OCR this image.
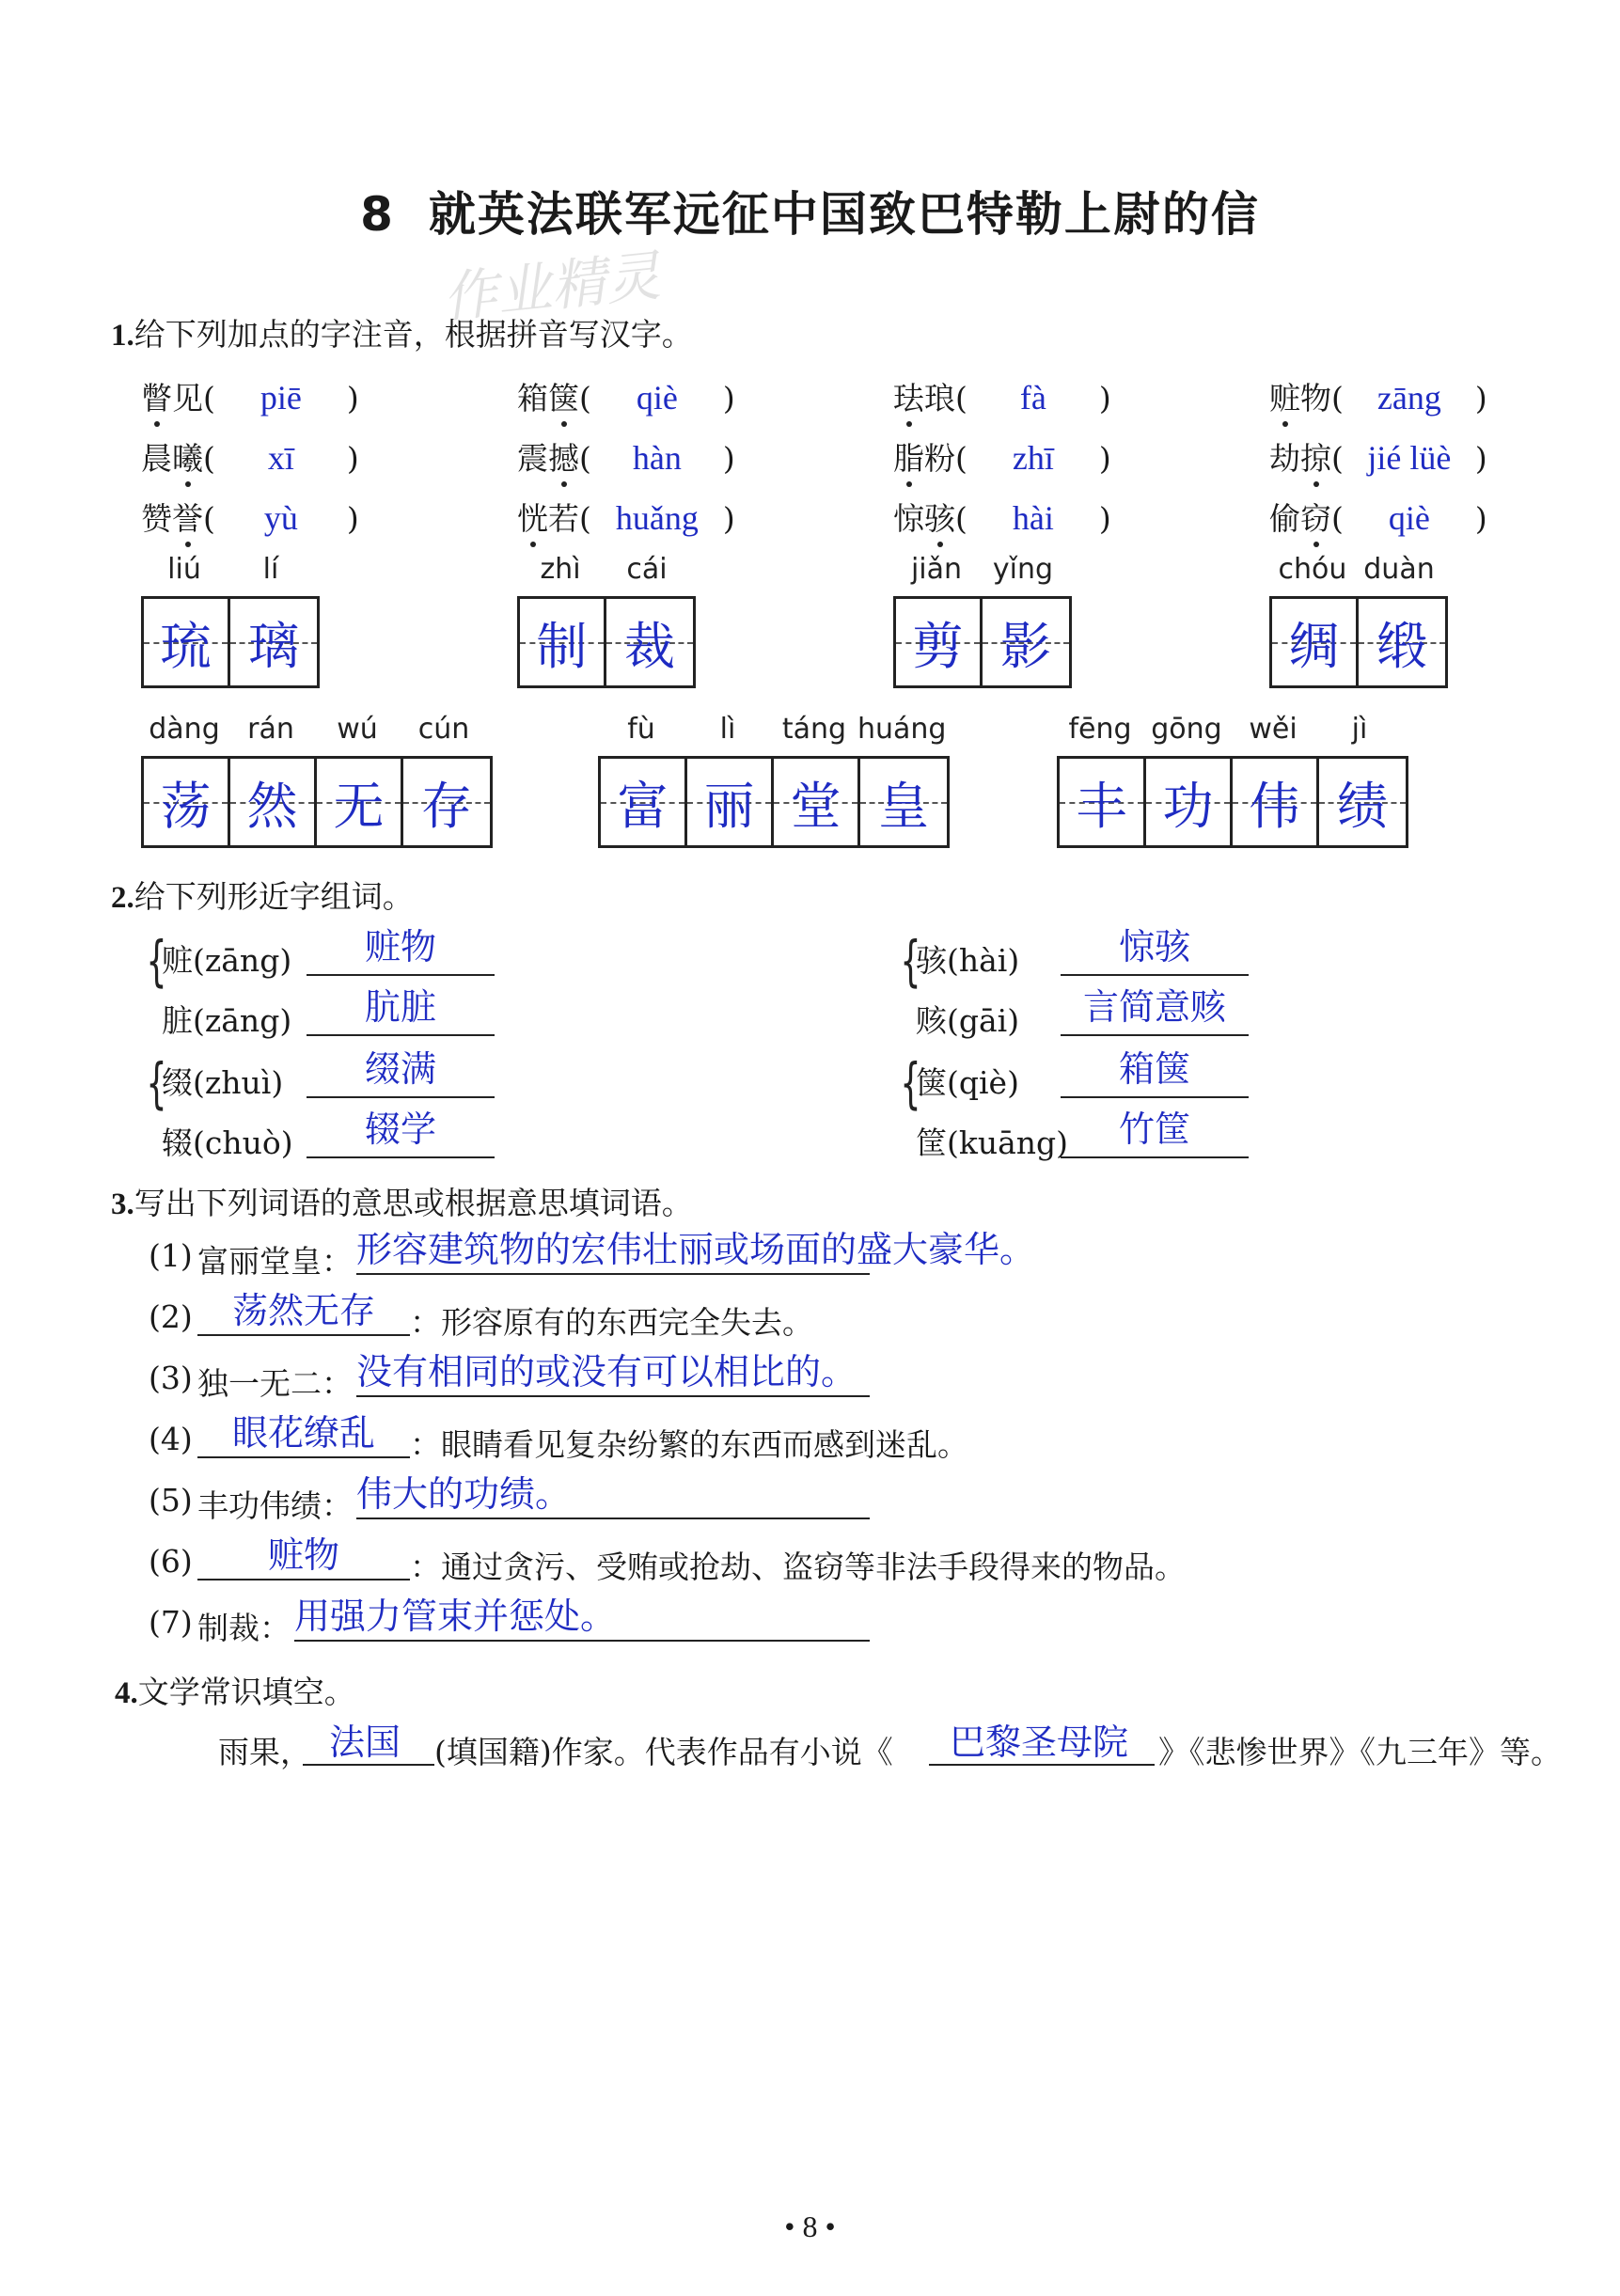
8 就英法联军远征中国致巴特勒上尉的信
作业精灵
1.给下列加点的字注音，根据拼音写汉字。
瞥见( piē )	箱箧( qiè )	珐琅( fà )	赃物( zāng )
晨曦( xī )	震撼( hàn )	脂粉( zhī )	劫掠( jié lüè )
赞誉( yù )	恍若( huǎng )	惊骇( hài )	偷窃( qiè )
liú lí
琉 璃
zhì cái
制 裁
jiǎn yǐng
剪 影
chóu duàn
绸 缎
dàng rán wú cún
荡 然 无 存
fù lì táng huáng
富 丽 堂 皇
fēng gōng wěi jì
丰 功 伟 绩
2.给下列形近字组词。
{
赃(zāng)	赃物
脏(zāng)	肮脏
{
骇(hài)	惊骇
赅(gāi)	言简意赅
{
缀(zhuì)	缀满
辍(chuò)	辍学
{
箧(qiè)	箱箧
筐(kuāng)	竹筐
3.写出下列词语的意思或根据意思填词语。
(1) 富丽堂皇： 形容建筑物的宏伟壮丽或场面的盛大豪华。
(2)	荡然无存	：形容原有的东西完全失去。
(3) 独一无二： 没有相同的或没有可以相比的。
(4)	眼花缭乱	：眼睛看见复杂纷繁的东西而感到迷乱。
(5) 丰功伟绩： 伟大的功绩。
(6)	赃物	：通过贪污、受贿或抢劫、盗窃等非法手段得来的物品。
(7) 制裁： 用强力管束并惩处。
4.文学常识填空。
雨果， 法国 (填国籍)作家。代表作品有小说《 巴黎圣母院 》《悲惨世界》《九三年》等。
• 8 •
